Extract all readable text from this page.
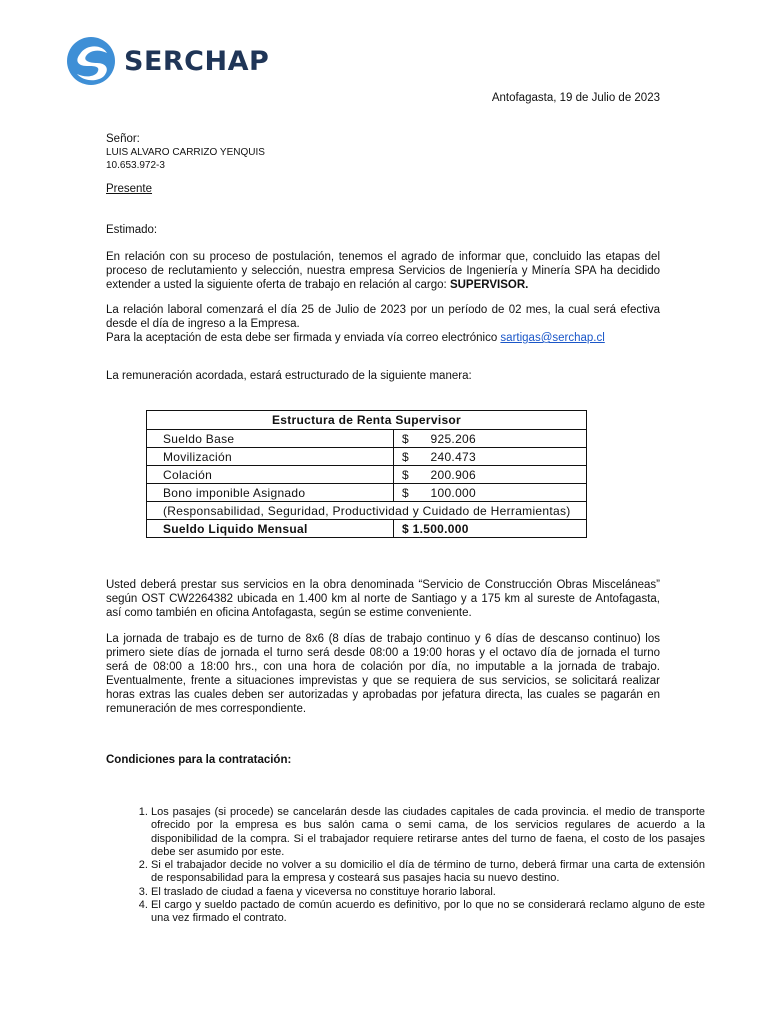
SERCHAP
Antofagasta, 19 de Julio de 2023

Señor:

LUIS ALVARO CARRIZO YENQUIS

10.653.972-3

Presente
Estimado:
En relación con su proceso de postulación, tenemos el agrado de informar que, concluido las etapas del proceso de reclutamiento y selección, nuestra empresa Servicios de Ingeniería y Minería SPA ha decidido extender a usted la siguiente oferta de trabajo en relación al cargo: SUPERVISOR.

La relación laboral comenzará el día 25 de Julio de 2023 por un período de 02 mes, la cual será efectiva desde el día de ingreso a la Empresa.

Para la aceptación de esta debe ser firmada y enviada vía correo electrónico sartigas@serchap.cl

La remuneración acordada, estará estructurado de la siguiente manera:
Estructura de Renta Supervisor	
Sueldo Base	$ 925.206
Movilización	$ 240.473
Colación	$ 200.906
Bono imponible Asignado	$ 100.000
(Responsabilidad, Seguridad, Productividad y Cuidado de Herramientas)	
Sueldo Liquido Mensual	$ 1.500.000
Usted deberá prestar sus servicios en la obra denominada “Servicio de Construcción Obras Misceláneas” según OST CW2264382 ubicada en 1.400 km al norte de Santiago y a 175 km al sureste de Antofagasta, así como también en oficina Antofagasta, según se estime conveniente.
La jornada de trabajo es de turno de 8x6 (8 días de trabajo continuo y 6 días de descanso continuo) los primero siete días de jornada el turno será desde 08:00 a 19:00 horas y el octavo día de jornada el turno será de 08:00 a 18:00 hrs., con una hora de colación por día, no imputable a la jornada de trabajo. Eventualmente, frente a situaciones imprevistas y que se requiera de sus servicios, se solicitará realizar horas extras las cuales deben ser autorizadas y aprobadas por jefatura directa, las cuales se pagarán en remuneración de mes correspondiente.
Condiciones para la contratación:
1. Los pasajes (si procede) se cancelarán desde las ciudades capitales de cada provincia. el medio de transporte ofrecido por la empresa es bus salón cama o semi cama, de los servicios regulares de acuerdo a la disponibilidad de la compra. Si el trabajador requiere retirarse antes del turno de faena, el costo de los pasajes debe ser asumido por este.
2. Si el trabajador decide no volver a su domicilio el día de término de turno, deberá firmar una carta de extensión de responsabilidad para la empresa y costeará sus pasajes hacia su nuevo destino.
3. El traslado de ciudad a faena y viceversa no constituye horario laboral.
4. El cargo y sueldo pactado de común acuerdo es definitivo, por lo que no se considerará reclamo alguno de este una vez firmado el contrato.
